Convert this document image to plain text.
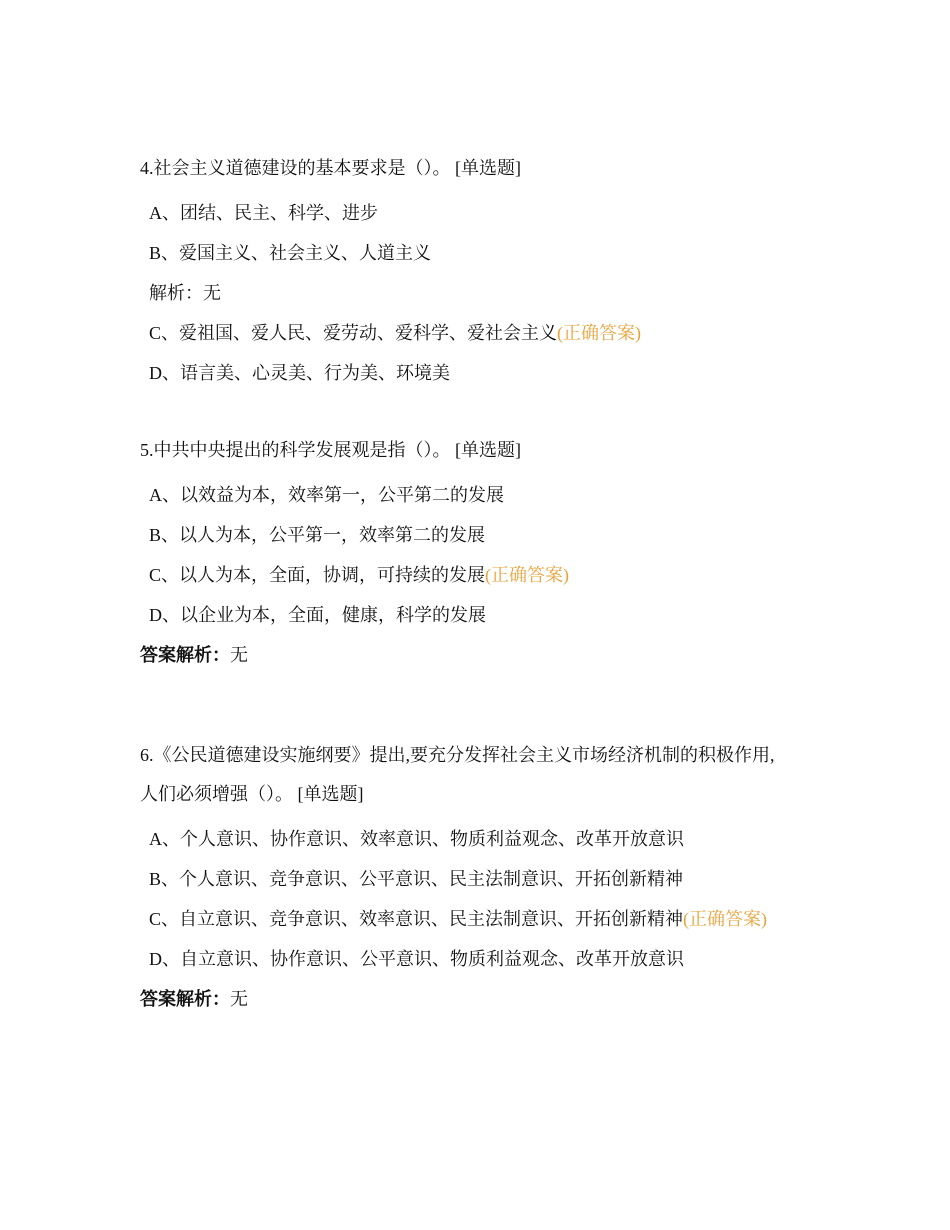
4.社会主义道德建设的基本要求是（）。 [单选题]
A、团结、民主、科学、进步
B、爱国主义、社会主义、人道主义
解析：无
C、爱祖国、爱人民、爱劳动、爱科学、爱社会主义(正确答案)
D、语言美、心灵美、行为美、环境美
5.中共中央提出的科学发展观是指（）。 [单选题]
A、以效益为本，效率第一，公平第二的发展
B、以人为本，公平第一，效率第二的发展
C、以人为本，全面，协调，可持续的发展(正确答案)
D、以企业为本，全面，健康，科学的发展
答案解析：无
6.《公民道德建设实施纲要》提出,要充分发挥社会主义市场经济机制的积极作用,
人们必须增强（）。 [单选题]
A、个人意识、协作意识、效率意识、物质利益观念、改革开放意识
B、个人意识、竞争意识、公平意识、民主法制意识、开拓创新精神
C、自立意识、竞争意识、效率意识、民主法制意识、开拓创新精神(正确答案)
D、自立意识、协作意识、公平意识、物质利益观念、改革开放意识
答案解析：无
